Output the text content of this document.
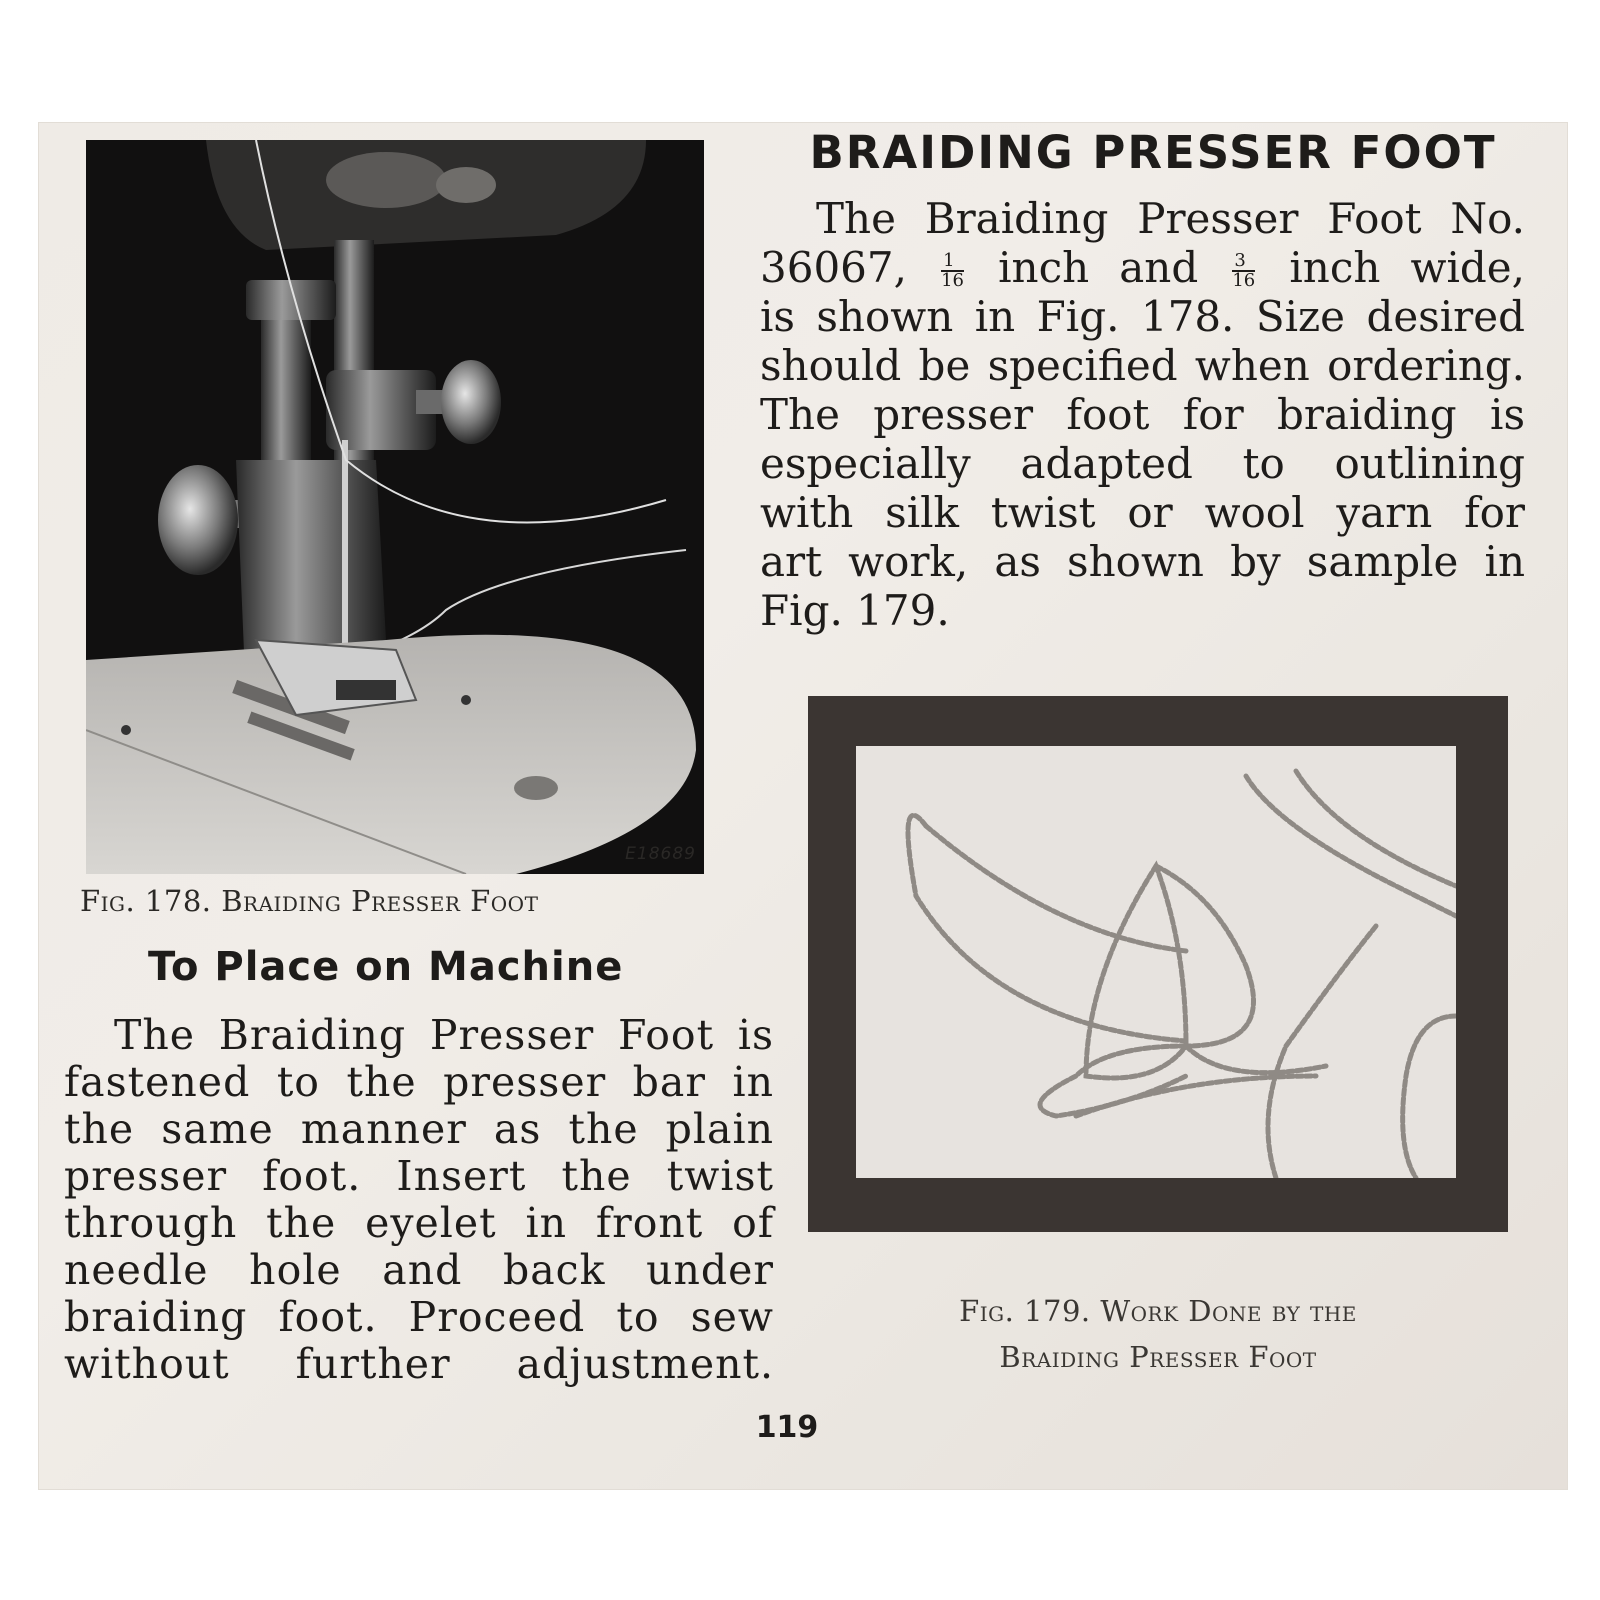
E18689
Fig. 178. Braiding Presser Foot
To Place on Machine
The Braiding Presser Foot is
fastened to the presser bar in
the same manner as the plain
presser foot. Insert the twist
through the eyelet in front of
needle hole and back under
braiding foot. Proceed to sew
without further adjustment.
BRAIDING PRESSER FOOT
The Braiding Presser Foot No.
36067, $\frac{1}{16}$ inch and $\frac{3}{16}$ inch wide,
is shown in Fig. 178. Size desired
should be specified when ordering.
The presser foot for braiding is
especially adapted to outlining
with silk twist or wool yarn for
art work, as shown by sample in
Fig. 179.
Fig. 179. Work Done by the
Braiding Presser Foot
119
